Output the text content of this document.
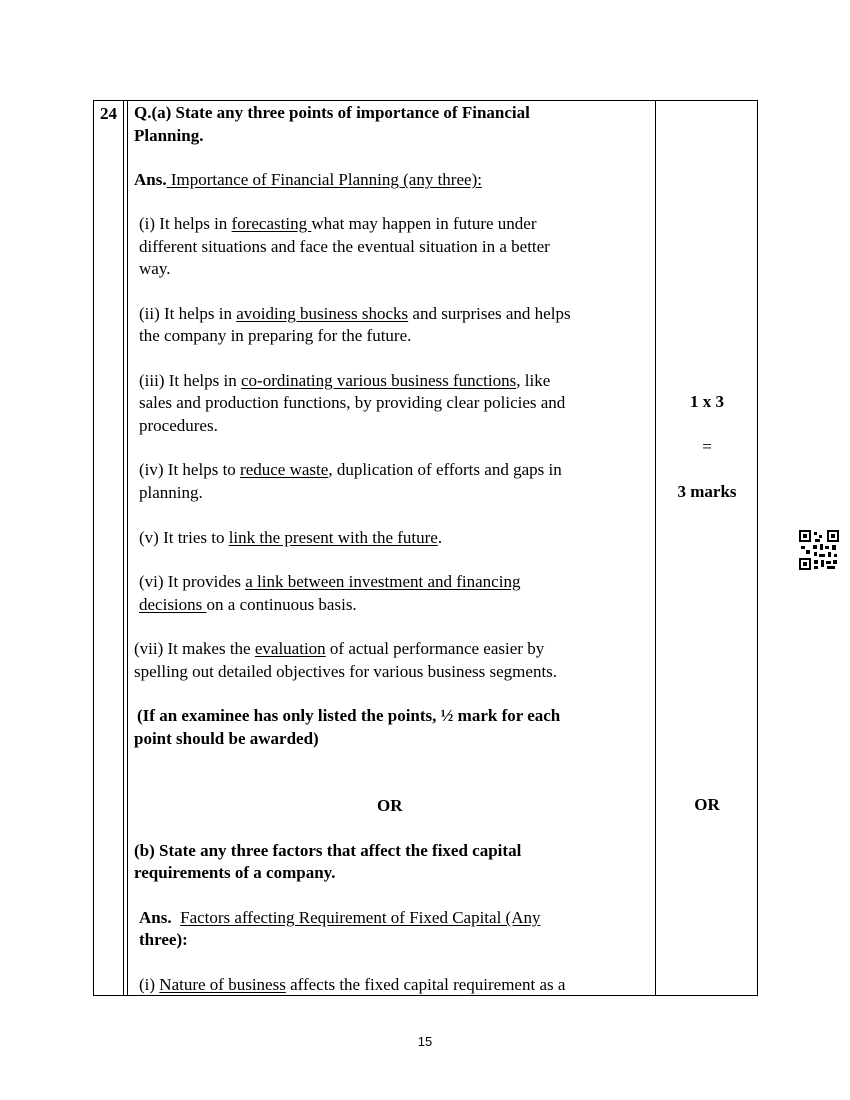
24 Q.(a) State any three points of importance of Financial
Planning.
Ans. Importance of Financial Planning (any three):
(i) It helps in forecasting what may happen in future under
different situations and face the eventual situation in a better
way.
(ii) It helps in avoiding business shocks and surprises and helps
the company in preparing for the future.
(iii) It helps in co-ordinating various business functions, like
sales and production functions, by providing clear policies and
procedures.
(iv) It helps to reduce waste, duplication of efforts and gaps in
planning.
(v) It tries to link the present with the future.
(vi) It provides a link between investment and financing
decisions on a continuous basis.
(vii) It makes the evaluation of actual performance easier by
spelling out detailed objectives for various business segments.
(If an examinee has only listed the points, ½ mark for each
point should be awarded)
OR
(b) State any three factors that affect the fixed capital
requirements of a company.
Ans. Factors affecting Requirement of Fixed Capital (Any
three):
(i) Nature of business affects the fixed capital requirement as a
1 x 3
=
3 marks
OR
15
